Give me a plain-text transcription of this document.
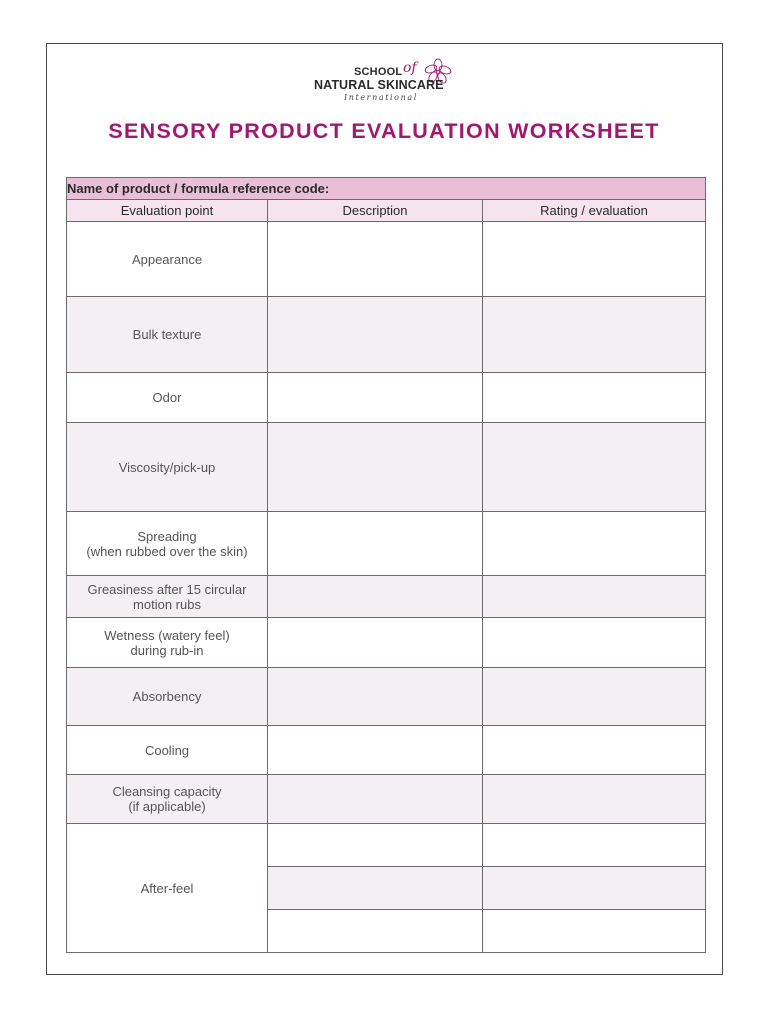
SCHOOL of
NATURAL SKINCARE
International
SENSORY PRODUCT EVALUATION WORKSHEET
Name of product / formula reference code:		
Evaluation point	Description	Rating / evaluation

Appearance		

Bulk texture		

Odor		

Viscosity/pick-up		

Spreading
(when rubbed over the skin)		

Greasiness after 15 circular
motion rubs		

Wetness (watery feel)
during rub-in		

Absorbency		

Cooling		

Cleansing capacity
(if applicable)		

After-feel		
